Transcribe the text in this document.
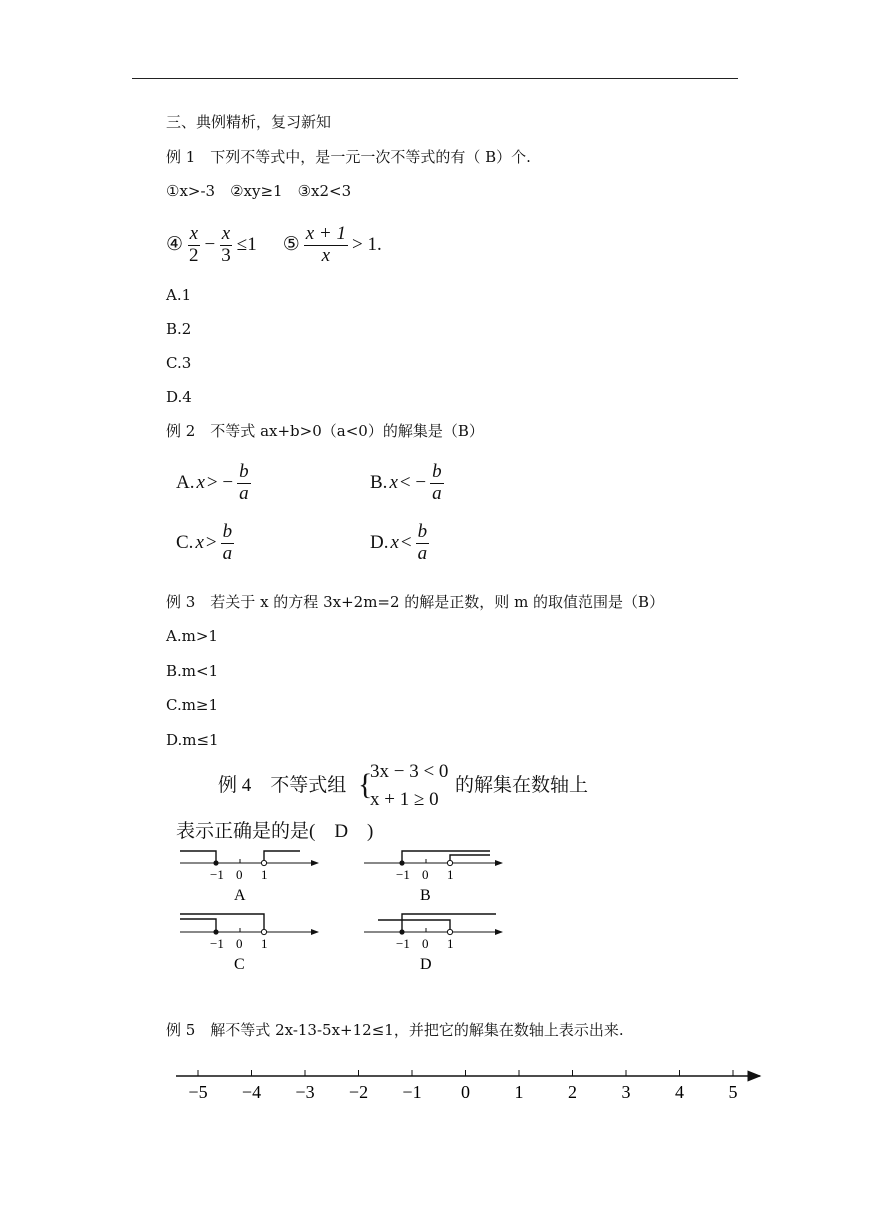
三、典例精析，复习新知
例 1　下列不等式中，是一元一次不等式的有（ B）个.
①x>-3　②xy≥1　③x2<3
④ $\frac{x}{2} - \frac{x}{3} \le 1$ ⑤ $\frac{x + 1}{x} > 1$.
A.1
B.2
C.3
D.4
例 2　不等式 ax+b>0（a<0）的解集是（B）
A. x > − $\frac{b}{a}$	B. x < − $\frac{b}{a}$
C. $x > \frac{b}{a}$	D. $x < \frac{b}{a}$
例 3　若关于 x 的方程 3x+2m=2 的解是正数，则 m 的取值范围是（B）
A.m>1
B.m<1
C.m≥1
D.m≤1
例 4　不等式组 {
3x − 3 < 0
x + 1 ≥ 0
的解集在数轴上
表示正确是的是(　D　)
−1 0 1
A
−1 0 1
B
−1 0 1
C
−1 0 1
D
例 5　解不等式 2x-13-5x+12≤1，并把它的解集在数轴上表示出来.
−5 −4 −3 −2 −1 0 1 2 3 4 5
